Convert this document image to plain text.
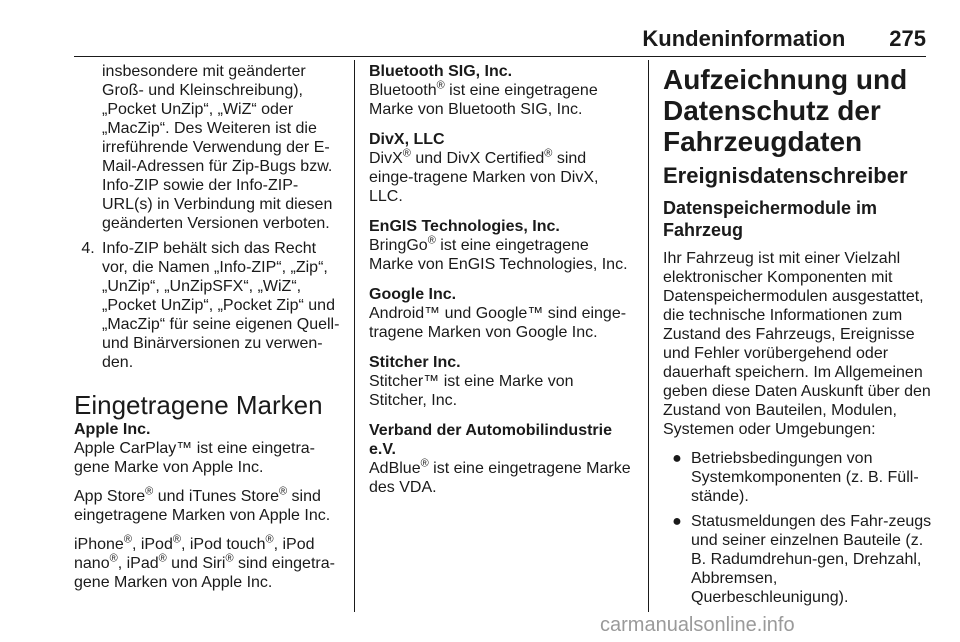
Kundeninformation 275
insbesondere mit geänderter
Groß- und Kleinschreibung),
„Pocket UnZip“, „WiZ“ oder
„MacZip“. Des Weiteren ist die
irreführende Verwendung der E-
Mail-Adressen für Zip-Bugs bzw.
Info-ZIP sowie der Info-ZIP-
URL(s) in Verbindung mit diesen
geänderten Versionen verboten.
4. Info-ZIP behält sich das Recht
vor, die Namen „Info-ZIP“, „Zip“,
„UnZip“, „UnZipSFX“, „WiZ“,
„Pocket UnZip“, „Pocket Zip“ und
„MacZip“ für seine eigenen Quell-
und Binärversionen zu verwen-
den.
Eingetragene Marken
Apple Inc.

Apple CarPlay™ ist eine eingetra-gene Marke von Apple Inc.

App Store® und iTunes Store® sind eingetragene Marken von Apple Inc.

iPhone®, iPod®, iPod touch®, iPod nano®, iPad® und Siri® sind eingetra-gene Marken von Apple Inc.

Bluetooth SIG, Inc.
Bluetooth® ist eine eingetragene Marke von Bluetooth SIG, Inc.
DivX, LLC
DivX® und DivX Certified® sind einge-tragene Marken von DivX, LLC.
EnGIS Technologies, Inc.
BringGo® ist eine eingetragene Marke von EnGIS Technologies, Inc.
Google Inc.
Android™ und Google™ sind einge-tragene Marken von Google Inc.
Stitcher Inc.
Stitcher™ ist eine Marke von Stitcher, Inc.
Verband der Automobilindustrie e.V.
AdBlue® ist eine eingetragene Marke des VDA.
Aufzeichnung und Datenschutz der Fahrzeugdaten
Ereignisdatenschreiber
Datenspeichermodule im Fahrzeug

Ihr Fahrzeug ist mit einer Vielzahl elektronischer Komponenten mit Datenspeichermodulen ausgestattet, die technische Informationen zum Zustand des Fahrzeugs, Ereignisse und Fehler vorübergehend oder dauerhaft speichern. Im Allgemeinen geben diese Daten Auskunft über den Zustand von Bauteilen, Modulen, Systemen oder Umgebungen:

● Betriebsbedingungen von Systemkomponenten (z. B. Füll-stände).
● Statusmeldungen des Fahr-zeugs und seiner einzelnen Bauteile (z. B. Radumdrehun-gen, Drehzahl, Abbremsen, Querbeschleunigung).
carmanualsonline.info
